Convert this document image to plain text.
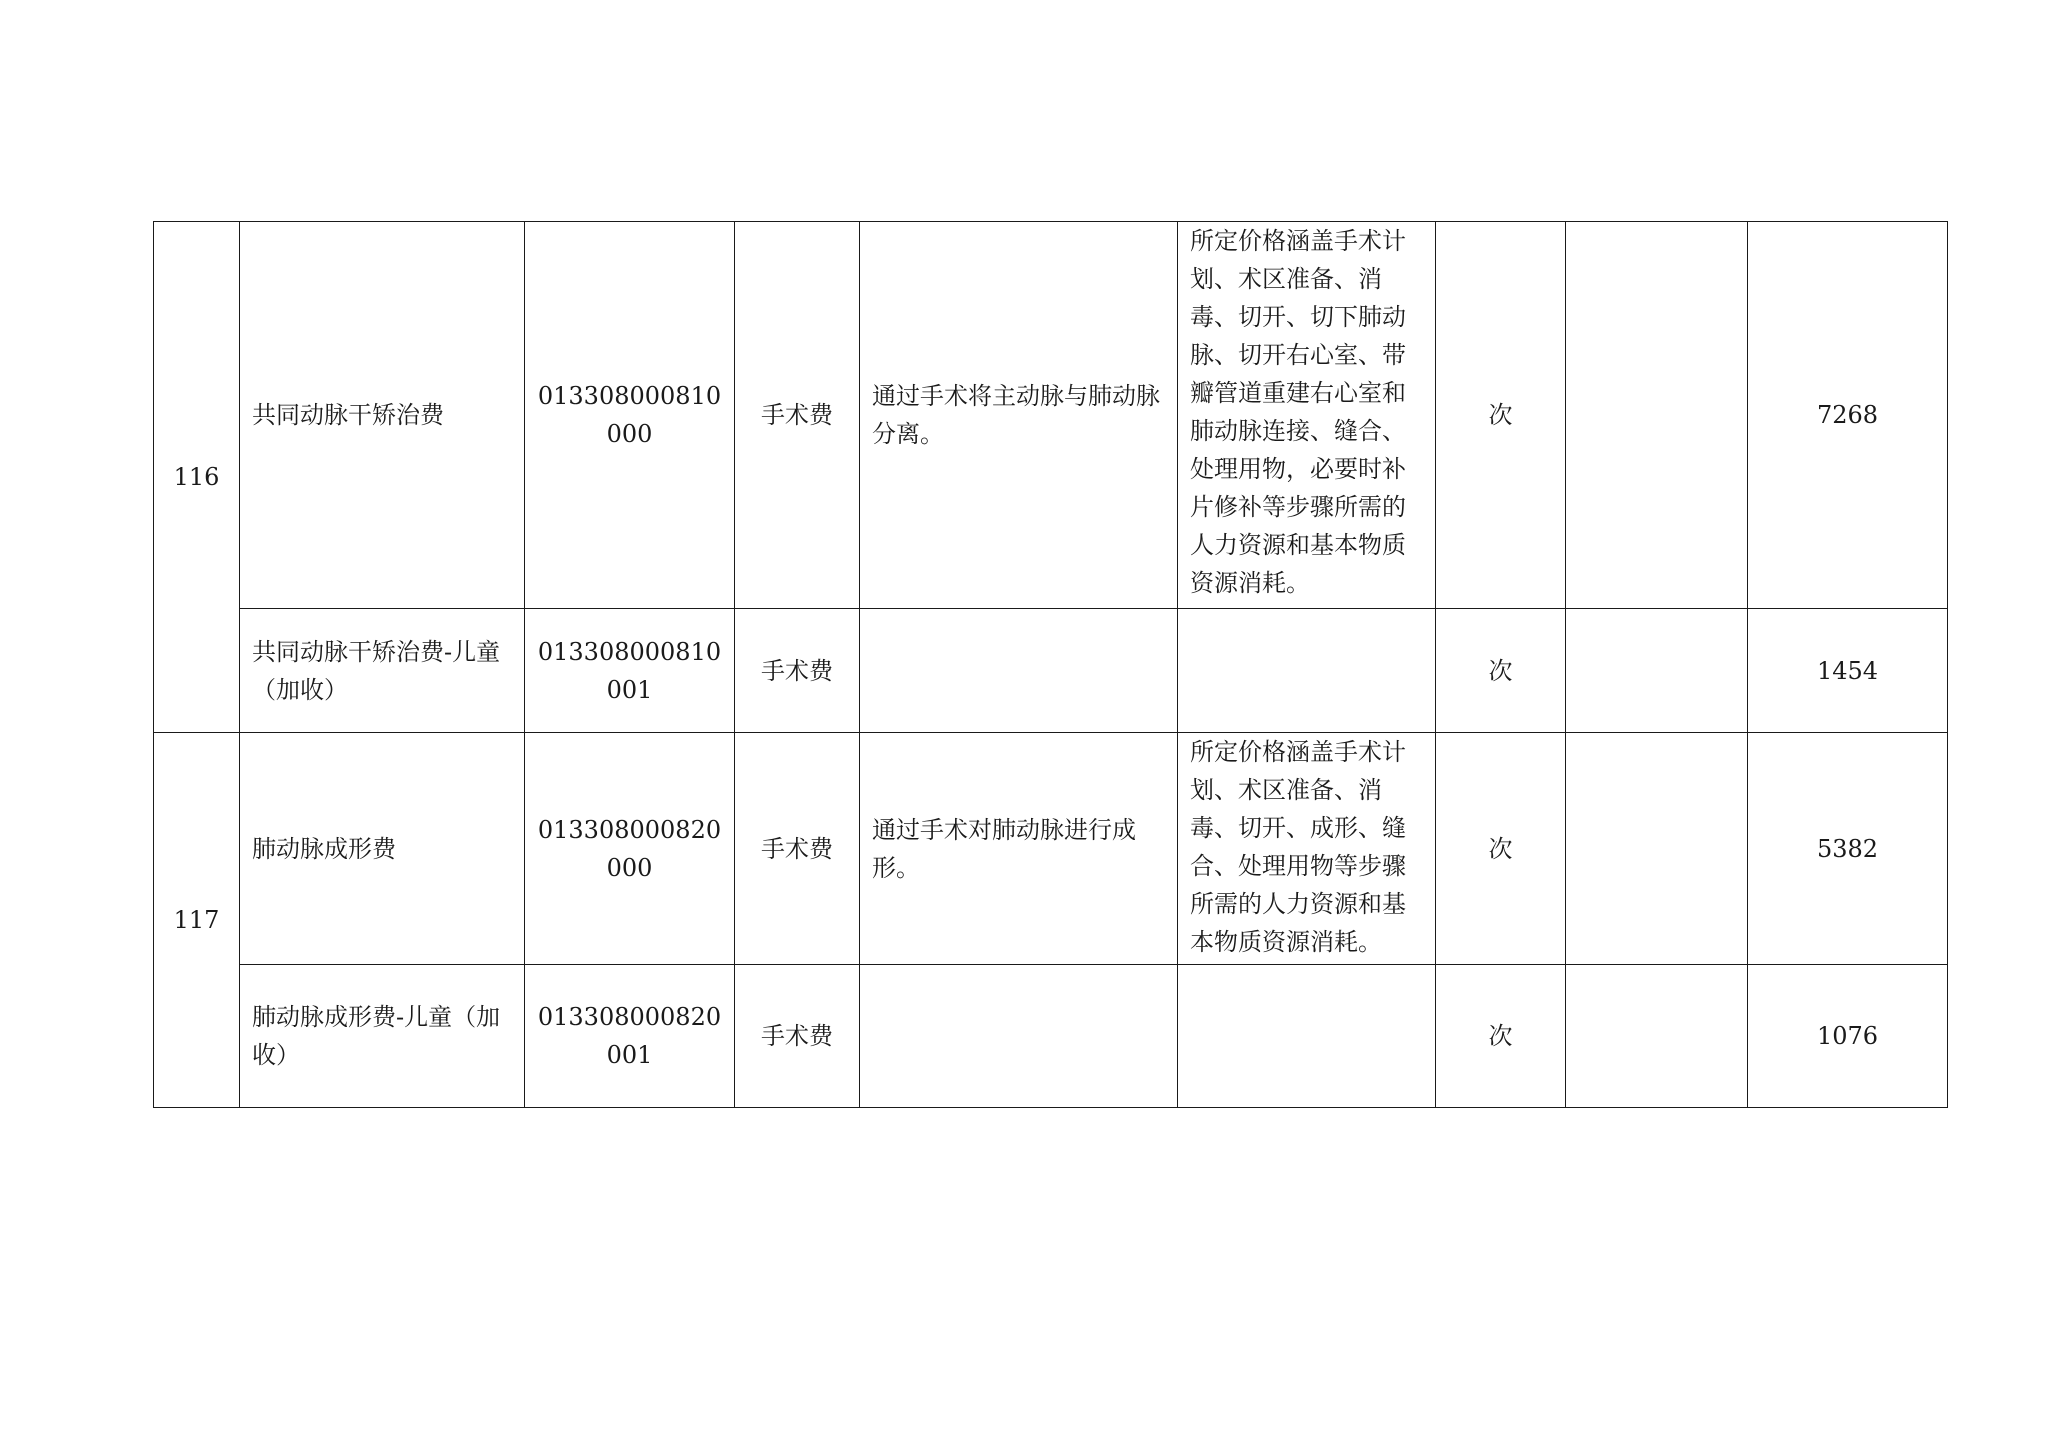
116	共同动脉干矫治费	013308000810000	手术费	通过手术将主动脉与肺动脉分离。	所定价格涵盖手术计划、术区准备、消毒、切开、切下肺动脉、切开右心室、带瓣管道重建右心室和肺动脉连接、缝合、处理用物，必要时补片修补等步骤所需的人力资源和基本物质资源消耗。	次		7268
	共同动脉干矫治费-儿童（加收）	013308000810001	手术费			次		1454
117	肺动脉成形费	013308000820000	手术费	通过手术对肺动脉进行成形。	所定价格涵盖手术计划、术区准备、消毒、切开、成形、缝合、处理用物等步骤所需的人力资源和基本物质资源消耗。	次		5382
	肺动脉成形费-儿童（加收）	013308000820001	手术费			次		1076
